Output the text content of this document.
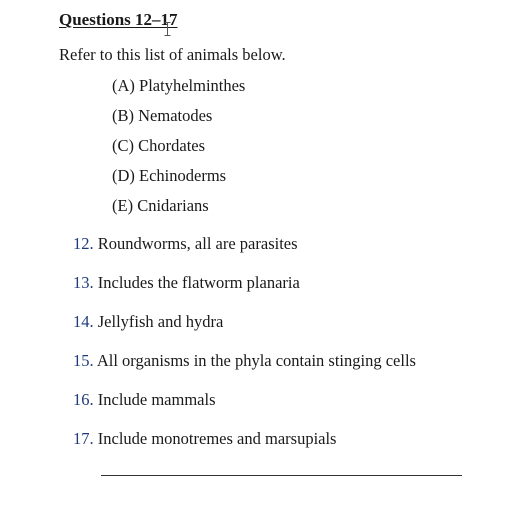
Questions 12–17
Refer to this list of animals below.
(A) Platyhelminthes
(B) Nematodes
(C) Chordates
(D) Echinoderms
(E) Cnidarians
12. Roundworms, all are parasites
13. Includes the flatworm planaria
14. Jellyfish and hydra
15. All organisms in the phyla contain stinging cells
16. Include mammals
17. Include monotremes and marsupials
